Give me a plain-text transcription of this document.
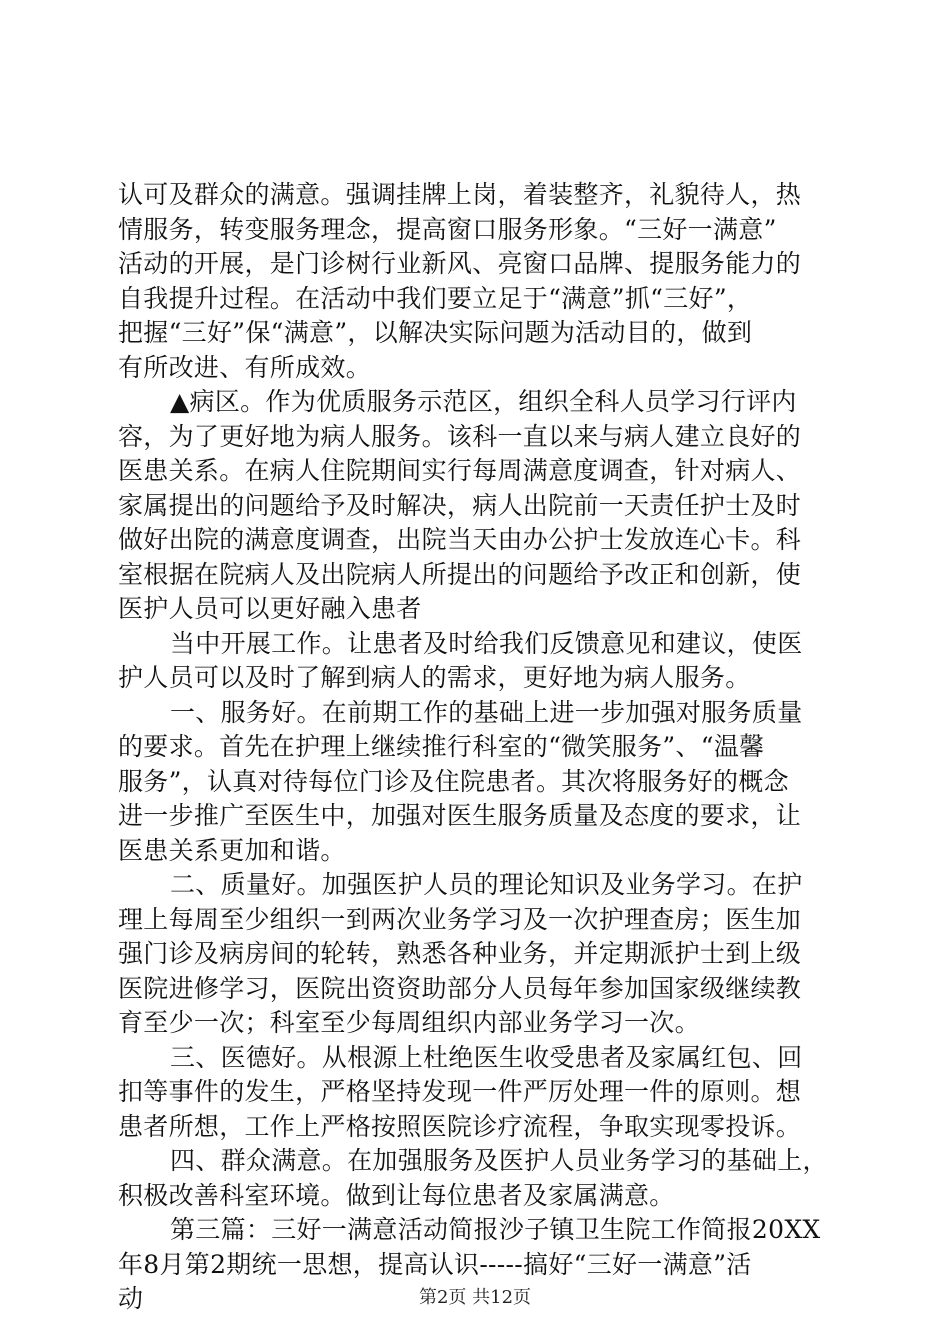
认可及群众的满意。强调挂牌上岗，着装整齐，礼貌待人，热
情服务，转变服务理念，提高窗口服务形象。“三好一满意”
活动的开展，是门诊树行业新风、亮窗口品牌、提服务能力的
自我提升过程。在活动中我们要立足于“满意”抓“三好”，
把握“三好”保“满意”，以解决实际问题为活动目的，做到
有所改进、有所成效。
▲病区。作为优质服务示范区，组织全科人员学习行评内
容，为了更好地为病人服务。该科一直以来与病人建立良好的
医患关系。在病人住院期间实行每周满意度调查，针对病人、
家属提出的问题给予及时解决，病人出院前一天责任护士及时
做好出院的满意度调查，出院当天由办公护士发放连心卡。科
室根据在院病人及出院病人所提出的问题给予改正和创新，使
医护人员可以更好融入患者
当中开展工作。让患者及时给我们反馈意见和建议，使医
护人员可以及时了解到病人的需求，更好地为病人服务。
一、服务好。在前期工作的基础上进一步加强对服务质量
的要求。首先在护理上继续推行科室的“微笑服务”、“温馨
服务”，认真对待每位门诊及住院患者。其次将服务好的概念
进一步推广至医生中，加强对医生服务质量及态度的要求，让
医患关系更加和谐。
二、质量好。加强医护人员的理论知识及业务学习。在护
理上每周至少组织一到两次业务学习及一次护理查房；医生加
强门诊及病房间的轮转，熟悉各种业务，并定期派护士到上级
医院进修学习，医院出资资助部分人员每年参加国家级继续教
育至少一次；科室至少每周组织内部业务学习一次。
三、医德好。从根源上杜绝医生收受患者及家属红包、回
扣等事件的发生，严格坚持发现一件严厉处理一件的原则。想
患者所想，工作上严格按照医院诊疗流程，争取实现零投诉。
四、群众满意。在加强服务及医护人员业务学习的基础上，
积极改善科室环境。做到让每位患者及家属满意。
第三篇：三好一满意活动简报沙子镇卫生院工作简报20XX
年8月第2期统一思想，提高认识-----搞好“三好一满意”活
动	第2页 共12页
